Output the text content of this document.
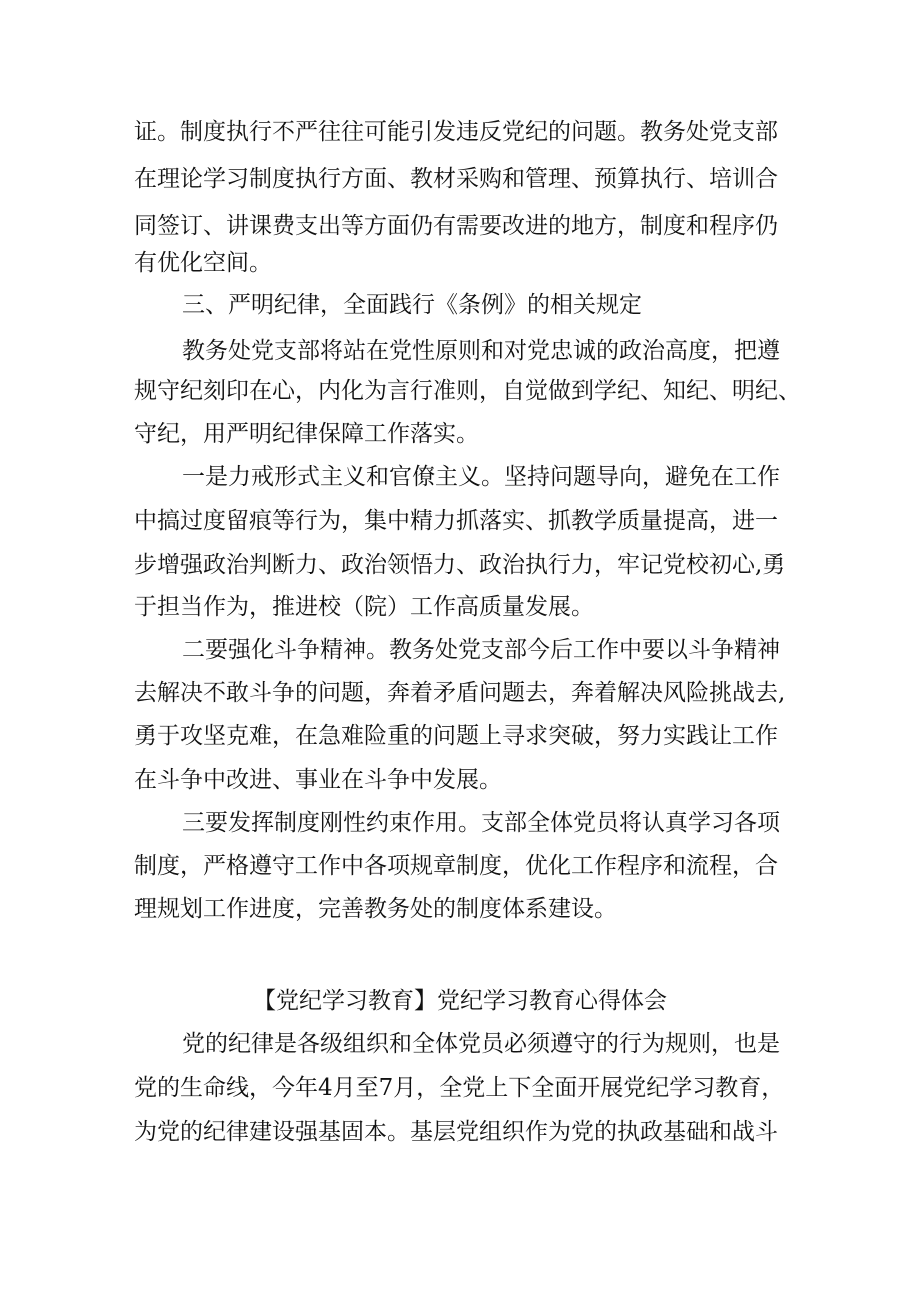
证。制度执行不严往往可能引发违反党纪的问题。教务处党支部
在理论学习制度执行方面、教材采购和管理、预算执行、培训合
同签订、讲课费支出等方面仍有需要改进的地方，制度和程序仍
有优化空间。
三、严明纪律，全面践行《条例》的相关规定
教务处党支部将站在党性原则和对党忠诚的政治高度，把遵
规守纪刻印在心，内化为言行准则，自觉做到学纪、知纪、明纪、
守纪，用严明纪律保障工作落实。
一是力戒形式主义和官僚主义。坚持问题导向，避免在工作
中搞过度留痕等行为，集中精力抓落实、抓教学质量提高，进一
步增强政治判断力、政治领悟力、政治执行力，牢记党校初心,勇
于担当作为，推进校（院）工作高质量发展。
二要强化斗争精神。教务处党支部今后工作中要以斗争精神
去解决不敢斗争的问题，奔着矛盾问题去，奔着解决风险挑战去,
勇于攻坚克难，在急难险重的问题上寻求突破，努力实践让工作
在斗争中改进、事业在斗争中发展。
三要发挥制度刚性约束作用。支部全体党员将认真学习各项
制度，严格遵守工作中各项规章制度，优化工作程序和流程，合
理规划工作进度，完善教务处的制度体系建设。
【党纪学习教育】党纪学习教育心得体会
党的纪律是各级组织和全体党员必须遵守的行为规则，也是
党的生命线，今年4月至7月，全党上下全面开展党纪学习教育，
为党的纪律建设强基固本。基层党组织作为党的执政基础和战斗
